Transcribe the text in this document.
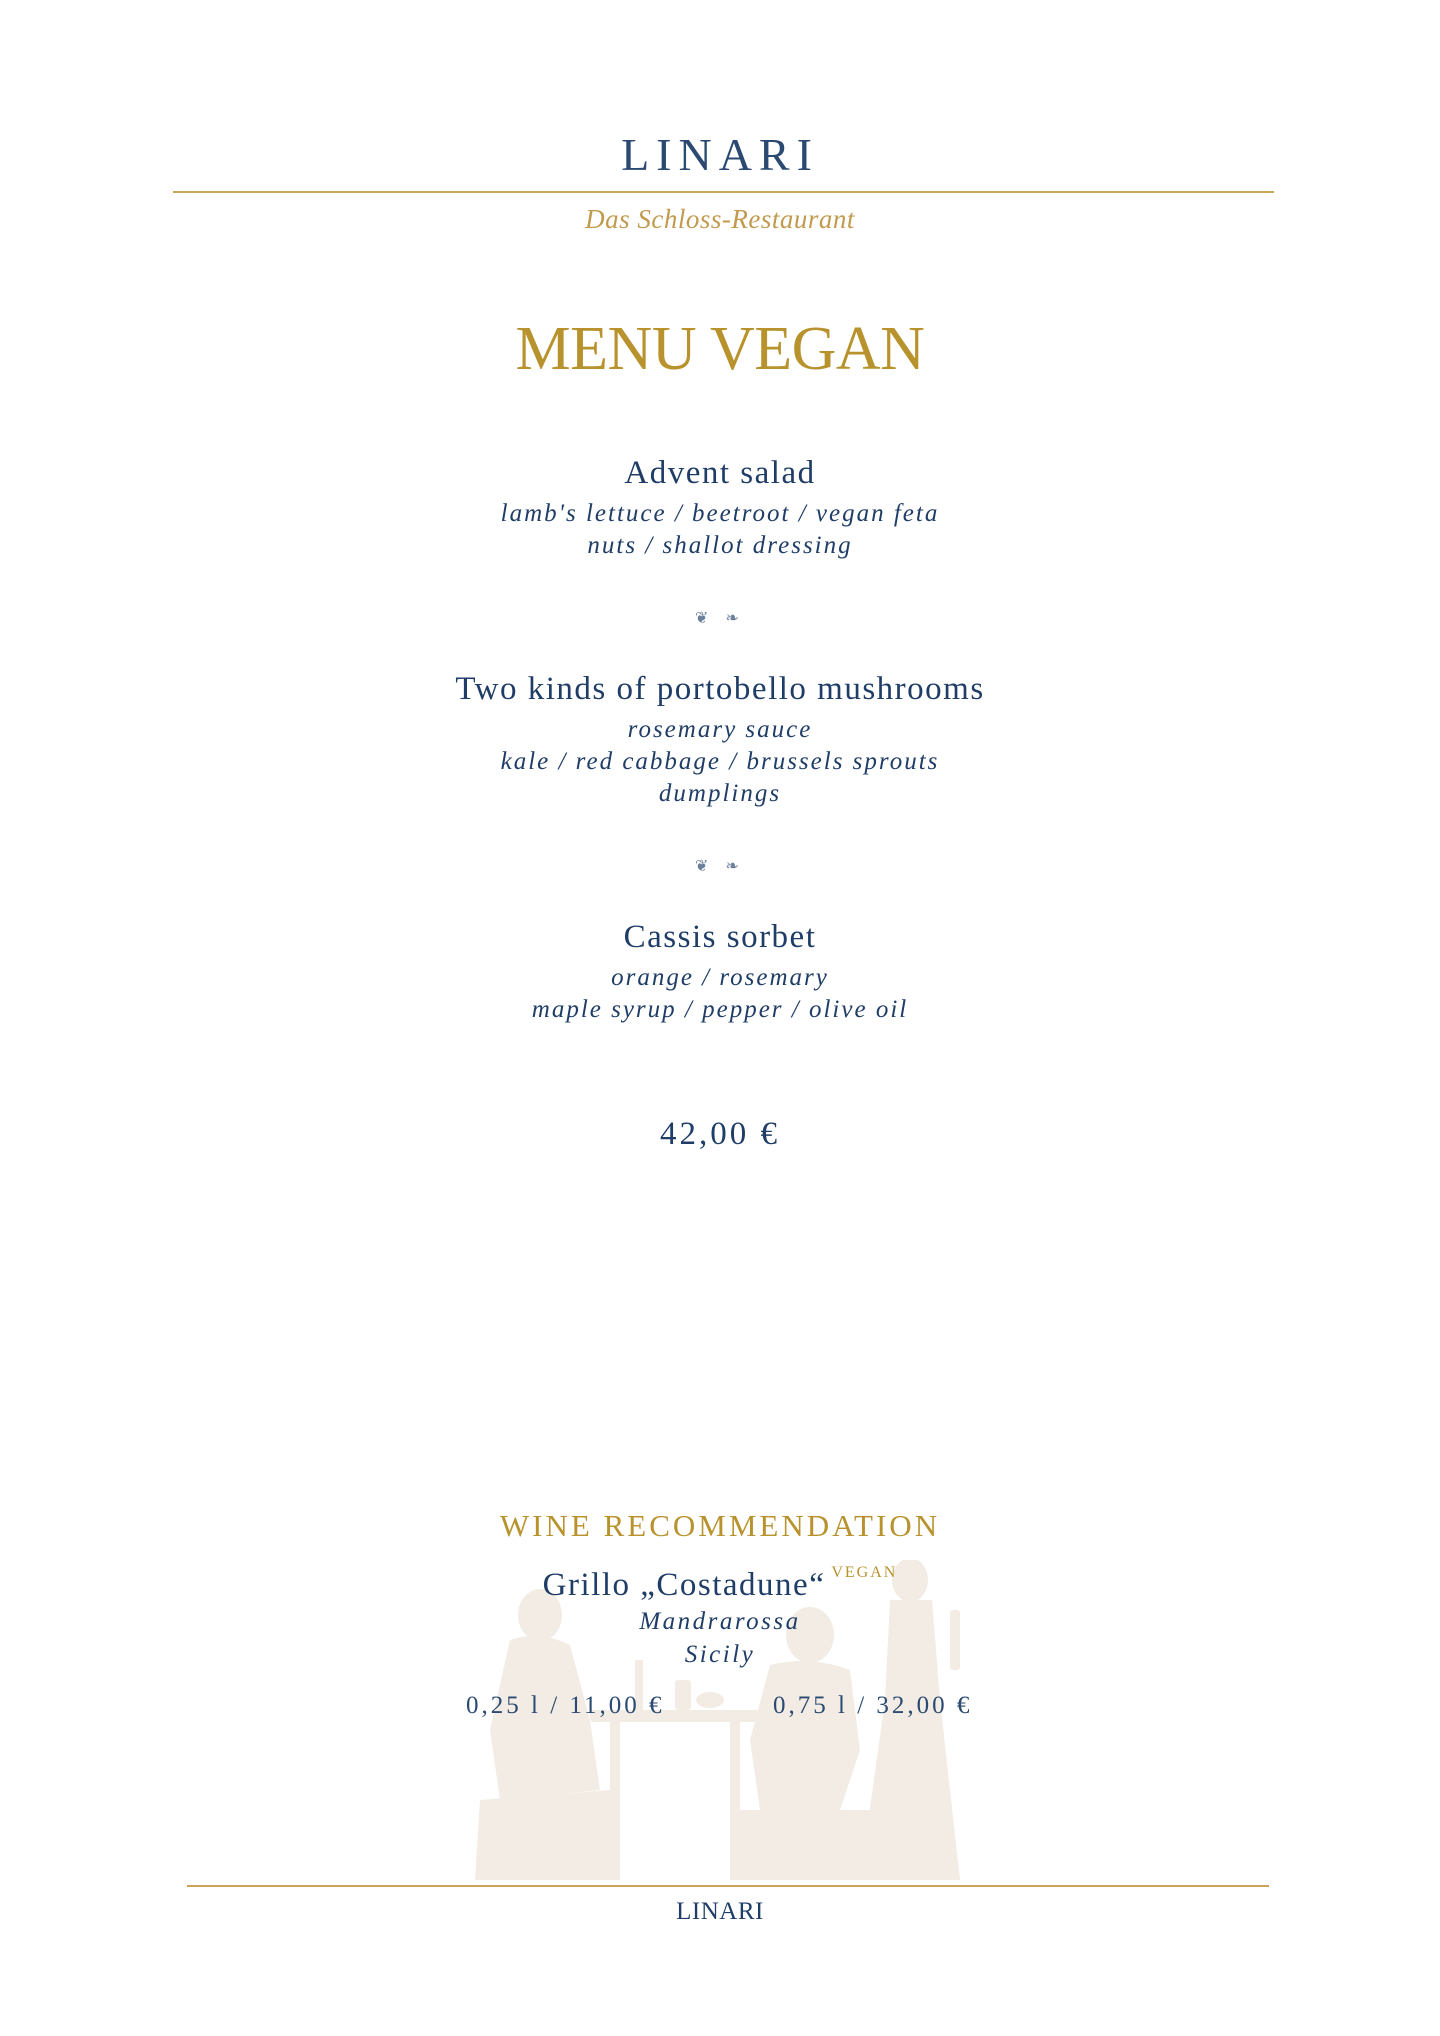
LINARI
Das Schloss-Restaurant
MENU VEGAN
Advent salad
lamb's lettuce / beetroot / vegan feta
nuts / shallot dressing
❦ ❧
Two kinds of portobello mushrooms
rosemary sauce
kale / red cabbage / brussels sprouts
dumplings
❦ ❧
Cassis sorbet
orange / rosemary
maple syrup / pepper / olive oil
42,00 €
WINE RECOMMENDATION
Grillo „Costadune“ $^{VEGAN}$
Mandrarossa
Sicily
0,25 l / 11,00 €	0,75 l / 32,00 €
LINARI
